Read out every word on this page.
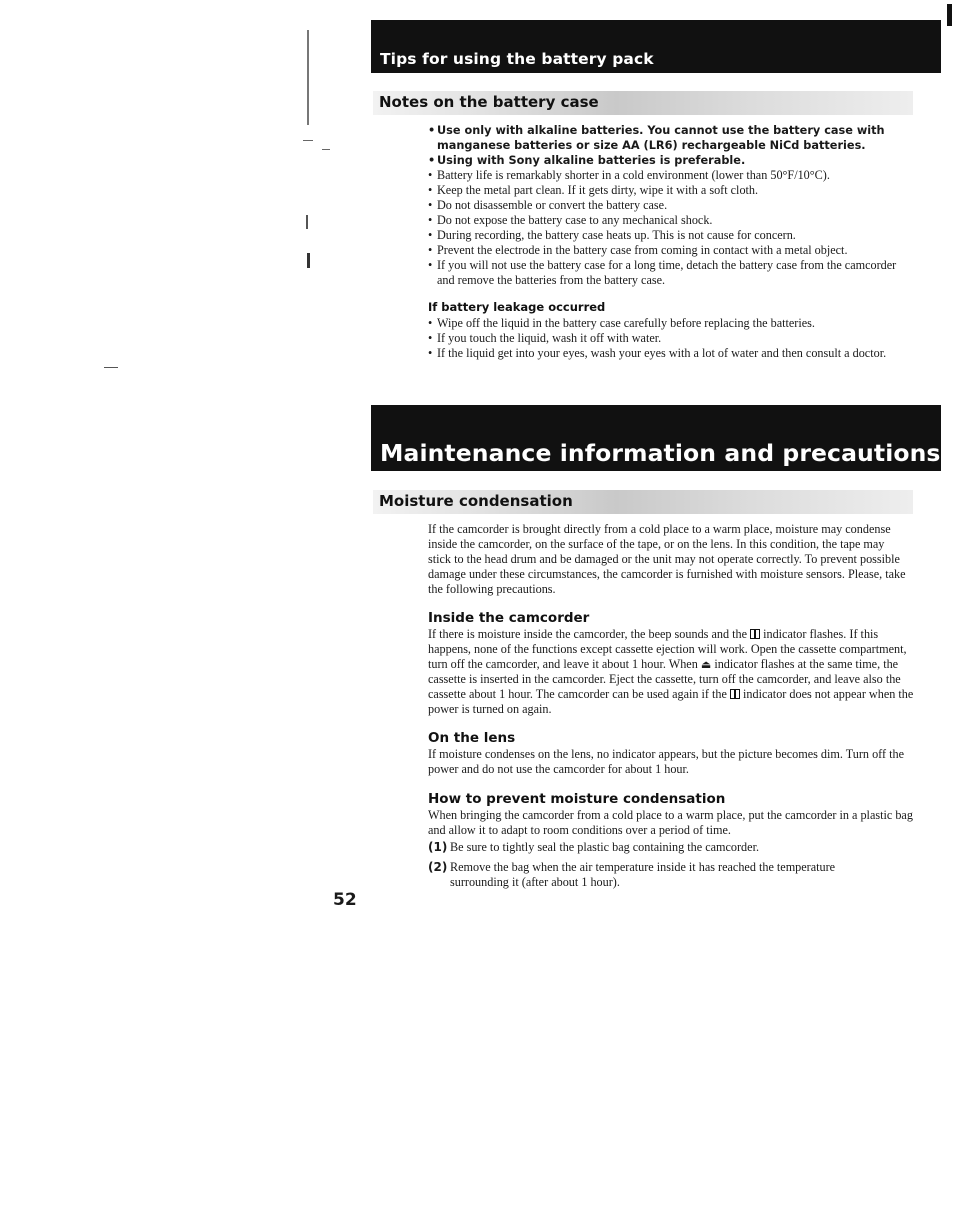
Tips for using the battery pack
Notes on the battery case
• Use only with alkaline batteries. You cannot use the battery case with manganese batteries or size AA (LR6) rechargeable NiCd batteries.
• Using with Sony alkaline batteries is preferable.
• Battery life is remarkably shorter in a cold environment (lower than 50°F/10°C).
• Keep the metal part clean. If it gets dirty, wipe it with a soft cloth.
• Do not disassemble or convert the battery case.
• Do not expose the battery case to any mechanical shock.
• During recording, the battery case heats up. This is not cause for concern.
• Prevent the electrode in the battery case from coming in contact with a metal object.
• If you will not use the battery case for a long time, detach the battery case from the camcorder and remove the batteries from the battery case.
If battery leakage occurred
• Wipe off the liquid in the battery case carefully before replacing the batteries.
• If you touch the liquid, wash it off with water.
• If the liquid get into your eyes, wash your eyes with a lot of water and then consult a doctor.
Maintenance information and precautions
Moisture condensation
If the camcorder is brought directly from a cold place to a warm place, moisture may condense inside the camcorder, on the surface of the tape, or on the lens. In this condition, the tape may stick to the head drum and be damaged or the unit may not operate correctly. To prevent possible damage under these circumstances, the camcorder is furnished with moisture sensors. Please, take the following precautions.
Inside the camcorder
If there is moisture inside the camcorder, the beep sounds and the indicator flashes. If this happens, none of the functions except cassette ejection will work. Open the cassette compartment, turn off the camcorder, and leave it about 1 hour. When ⏏ indicator flashes at the same time, the cassette is inserted in the camcorder. Eject the cassette, turn off the camcorder, and leave also the cassette about 1 hour. The camcorder can be used again if the indicator does not appear when the power is turned on again.
On the lens
If moisture condenses on the lens, no indicator appears, but the picture becomes dim. Turn off the power and do not use the camcorder for about 1 hour.
How to prevent moisture condensation
When bringing the camcorder from a cold place to a warm place, put the camcorder in a plastic bag and allow it to adapt to room conditions over a period of time.
(1) Be sure to tightly seal the plastic bag containing the camcorder.
(2) Remove the bag when the air temperature inside it has reached the temperature surrounding it (after about 1 hour).
52
